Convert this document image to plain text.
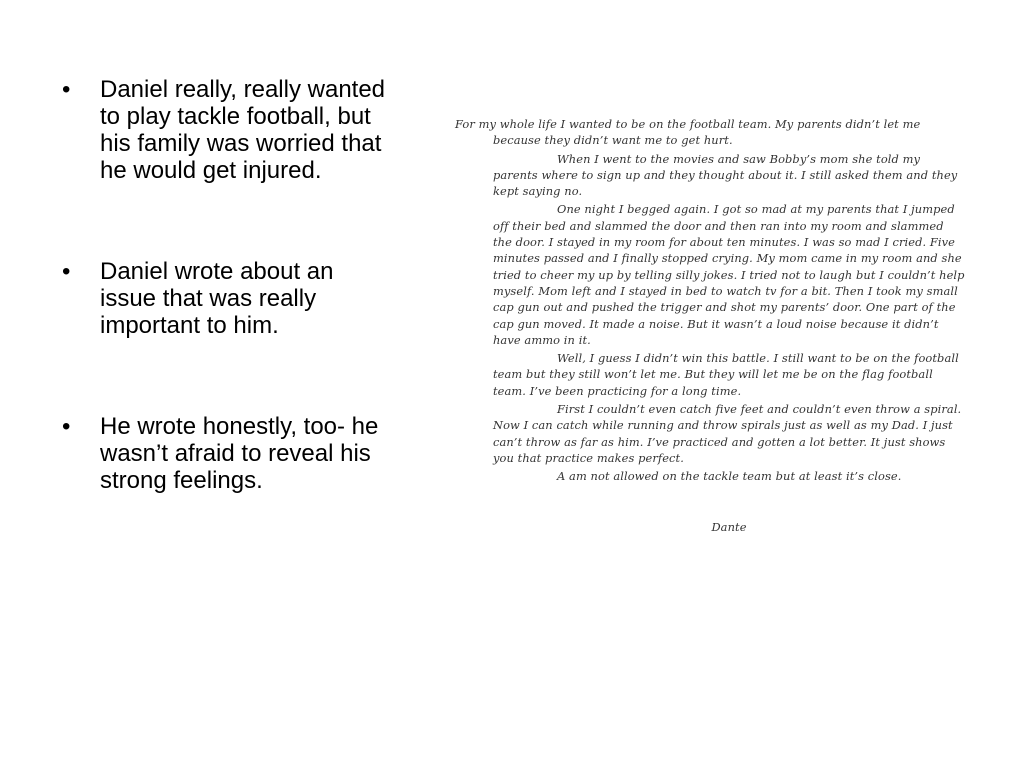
• Daniel really, really wanted to play tackle football, but his family was worried that he would get injured.
• Daniel wrote about an issue that was really important to him.
• He wrote honestly, too- he wasn’t afraid to reveal his strong feelings.

For my whole life I wanted to be on the football team. My parents didn’t let me because they didn’t want me to get hurt.

When I went to the movies and saw Bobby’s mom she told my parents where to sign up and they thought about it. I still asked them and they kept saying no.

One night I begged again. I got so mad at my parents that I jumped off their bed and slammed the door and then ran into my room and slammed the door. I stayed in my room for about ten minutes. I was so mad I cried. Five minutes passed and I finally stopped crying. My mom came in my room and she tried to cheer my up by telling silly jokes. I tried not to laugh but I couldn’t help myself. Mom left and I stayed in bed to watch tv for a bit. Then I took my small cap gun out and pushed the trigger and shot my parents’ door. One part of the cap gun moved. It made a noise. But it wasn’t a loud noise because it didn’t have ammo in it.

Well, I guess I didn’t win this battle. I still want to be on the football team but they still won’t let me. But they will let me be on the flag football team. I’ve been practicing for a long time.

First I couldn’t even catch five feet and couldn’t even throw a spiral. Now I can catch while running and throw spirals just as well as my Dad. I just can’t throw as far as him. I’ve practiced and gotten a lot better. It just shows you that practice makes perfect.

A am not allowed on the tackle team but at least it’s close.

Dante
